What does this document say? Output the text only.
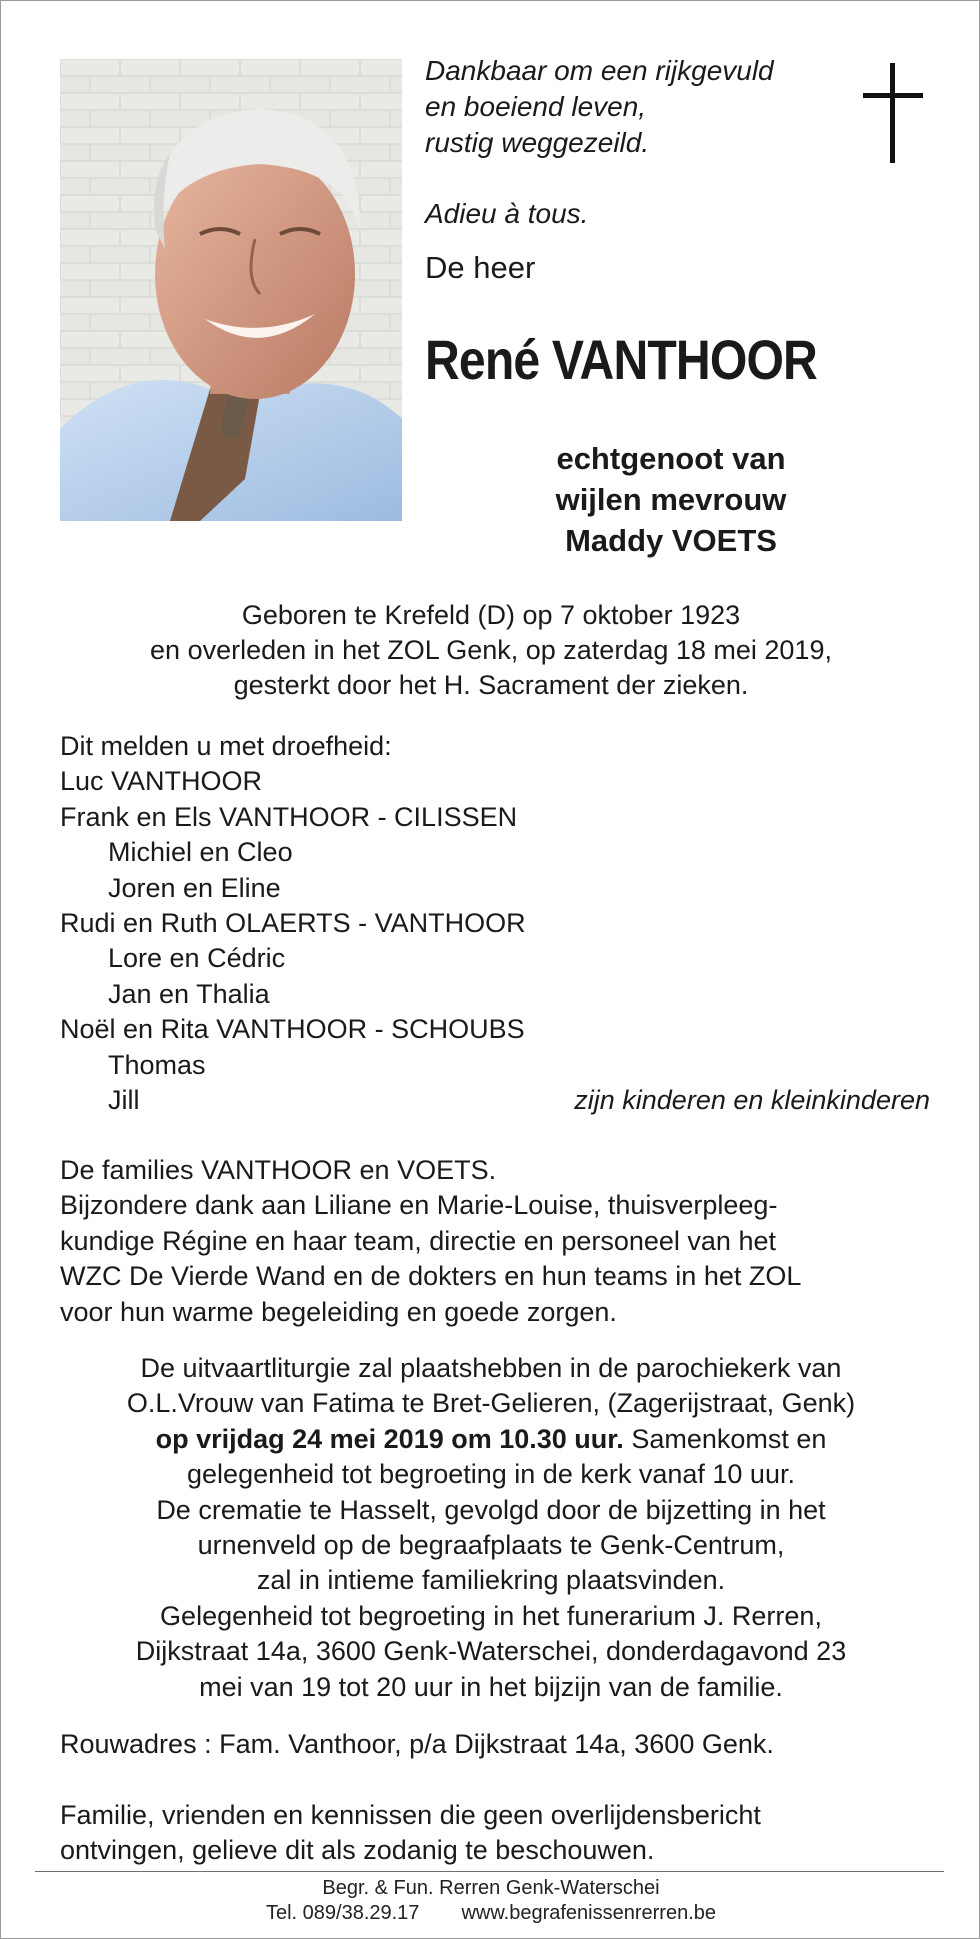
Dankbaar om een rijkgevuld
en boeiend leven,
rustig weggezeild.
Adieu à tous.
De heer
René VANTHOOR
echtgenoot van
wijlen mevrouw
Maddy VOETS
Geboren te Krefeld (D) op 7 oktober 1923
en overleden in het ZOL Genk, op zaterdag 18 mei 2019,
gesterkt door het H. Sacrament der zieken.
Dit melden u met droefheid:
Luc VANTHOOR
Frank en Els VANTHOOR - CILISSEN
Michiel en Cleo
Joren en Eline
Rudi en Ruth OLAERTS - VANTHOOR
Lore en Cédric
Jan en Thalia
Noël en Rita VANTHOOR - SCHOUBS
Thomas
Jill	zijn kinderen en kleinkinderen
De families VANTHOOR en VOETS.
Bijzondere dank aan Liliane en Marie-Louise, thuisverpleeg-
kundige Régine en haar team, directie en personeel van het
WZC De Vierde Wand en de dokters en hun teams in het ZOL
voor hun warme begeleiding en goede zorgen.
De uitvaartliturgie zal plaatshebben in de parochiekerk van
O.L.Vrouw van Fatima te Bret-Gelieren, (Zagerijstraat, Genk)
op vrijdag 24 mei 2019 om 10.30 uur. Samenkomst en
gelegenheid tot begroeting in de kerk vanaf 10 uur.
De crematie te Hasselt, gevolgd door de bijzetting in het
urnenveld op de begraafplaats te Genk-Centrum,
zal in intieme familiekring plaatsvinden.
Gelegenheid tot begroeting in het funerarium J. Rerren,
Dijkstraat 14a, 3600 Genk-Waterschei, donderdagavond 23
mei van 19 tot 20 uur in het bijzijn van de familie.
Rouwadres : Fam. Vanthoor, p/a Dijkstraat 14a, 3600 Genk.
Familie, vrienden en kennissen die geen overlijdensbericht
ontvingen, gelieve dit als zodanig te beschouwen.
Begr. & Fun. Rerren Genk-Waterschei
Tel. 089/38.29.17 www.begrafenissenrerren.be
